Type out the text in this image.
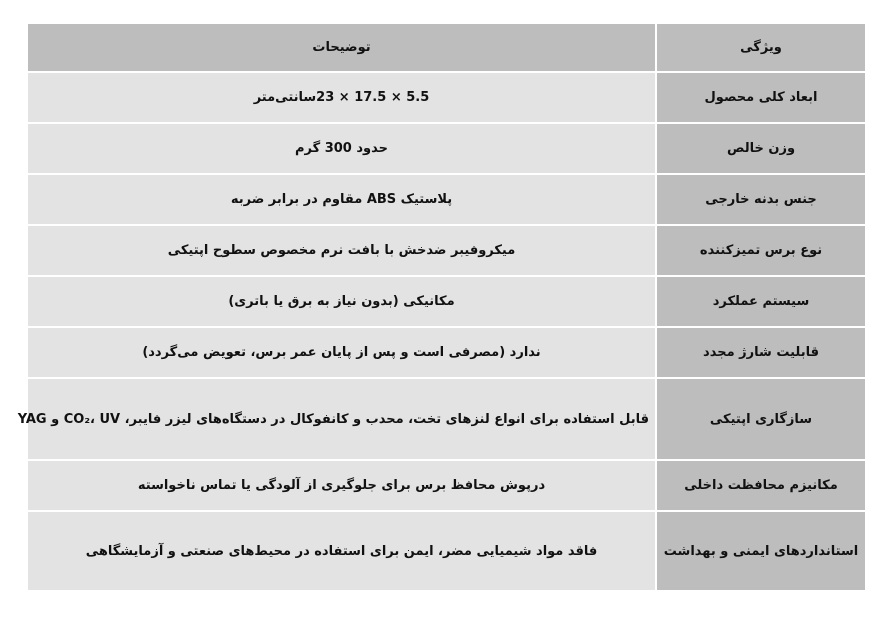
ویژگی	توضیحات
ابعاد کلی محصول	5.5 × 17.5 × 23سانتی‌متر
وزن خالص	حدود 300 گرم
جنس بدنه خارجی	پلاستیک ABS مقاوم در برابر ضربه
نوع برس تمیزکننده	میکروفیبر ضدخش با بافت نرم مخصوص سطوح اپتیکی
سیستم عملکرد	مکانیکی (بدون نیاز به برق یا باتری)
قابلیت شارژ مجدد	ندارد (مصرفی است و پس از پایان عمر برس، تعویض می‌گردد)
سازگاری اپتیکی	قابل استفاده برای انواع لنزهای تخت، محدب و کانفوکال در دستگاه‌های لیزر فایبر، CO₂، UV و YAG
مکانیزم محافظت داخلی	درپوش محافظ برس برای جلوگیری از آلودگی یا تماس ناخواسته
استانداردهای ایمنی و بهداشت	فاقد مواد شیمیایی مضر، ایمن برای استفاده در محیط‌های صنعتی و آزمایشگاهی
